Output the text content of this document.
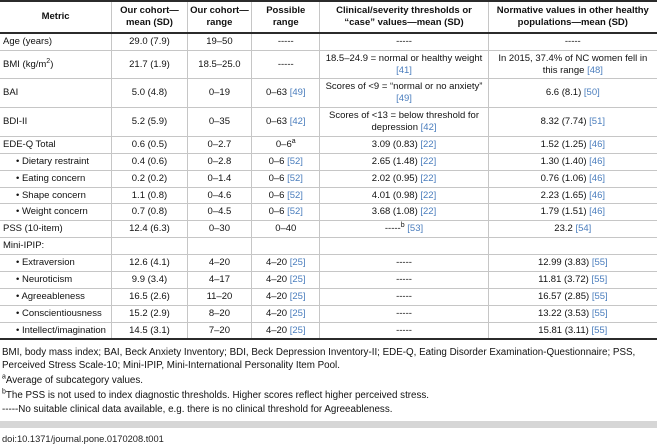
Metric	Our cohort—mean (SD)	Our cohort—range	Possible range	Clinical/severity thresholds or “case” values—mean (SD)	Normative values in other healthy populations—mean (SD)
Age (years)	29.0 (7.9)	19–50	-----	-----	-----
BMI $(kg/m^2)$	21.7 (1.9)	18.5–25.0	-----	18.5–24.9 = normal or healthy weight [41]	In 2015, 37.4% of NC women fell in this range [48]
BAI	5.0 (4.8)	0–19	0–63 [49]	Scores of <9 = “normal or no anxiety” [49]	6.6 (8.1) [50]
BDI-II	5.2 (5.9)	0–35	0–63 [42]	Scores of <13 = below threshold for depression [42]	8.32 (7.74) [51]
EDE-Q Total	0.6 (0.5)	0–2.7	0–6$^a$	3.09 (0.83) [22]	1.52 (1.25) [46]
• Dietary restraint	0.4 (0.6)	0–2.8	0–6 [52]	2.65 (1.48) [22]	1.30 (1.40) [46]
• Eating concern	0.2 (0.2)	0–1.4	0–6 [52]	2.02 (0.95) [22]	0.76 (1.06) [46]
• Shape concern	1.1 (0.8)	0–4.6	0–6 [52]	4.01 (0.98) [22]	2.23 (1.65) [46]
• Weight concern	0.7 (0.8)	0–4.5	0–6 [52]	3.68 (1.08) [22]	1.79 (1.51) [46]
PSS (10-item)	12.4 (6.3)	0–30	0–40	-----$^b$ [53]	23.2 [54]
Mini-IPIP:					
• Extraversion	12.6 (4.1)	4–20	4–20 [25]	-----	12.99 (3.83) [55]
• Neuroticism	9.9 (3.4)	4–17	4–20 [25]	-----	11.81 (3.72) [55]
• Agreeableness	16.5 (2.6)	11–20	4–20 [25]	-----	16.57 (2.85) [55]
• Conscientiousness	15.2 (2.9)	8–20	4–20 [25]	-----	13.22 (3.53) [55]
• Intellect/imagination	14.5 (3.1)	7–20	4–20 [25]	-----	15.81 (3.11) [55]
BMI, body mass index; BAI, Beck Anxiety Inventory; BDI, Beck Depression Inventory-II; EDE-Q, Eating Disorder Examination-Questionnaire; PSS, Perceived Stress Scale-10; Mini-IPIP, Mini-International Personality Item Pool.
$^a$Average of subcategory values.
$^b$The PSS is not used to index diagnostic thresholds. Higher scores reflect higher perceived stress.
-----No suitable clinical data available, e.g. there is no clinical threshold for Agreeableness.
doi:10.1371/journal.pone.0170208.t001
